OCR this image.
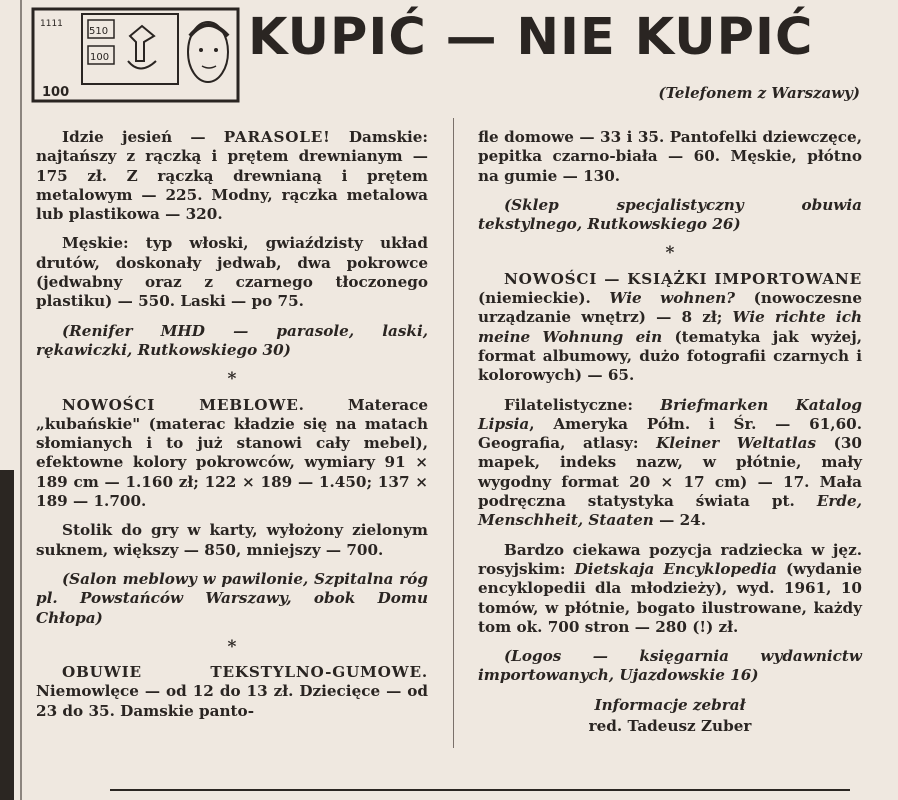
1111
510
100
100
KUPIĆ — NIE KUPIĆ
(Telefonem z Warszawy)

Idzie jesień — PARASOLE! Damskie: najtańszy z rączką i prętem drewnianym — 175 zł. Z rączką drewnianą i prętem metalowym — 225. Modny, rączka metalowa lub plastikowa — 320.

Męskie: typ włoski, gwiaździsty układ drutów, doskonały jedwab, dwa pokrowce (jedwabny oraz z czarnego tłoczonego plastiku) — 550. Laski — po 75.

(Renifer MHD — parasole, laski, rękawiczki, Rutkowskiego 30)

*

NOWOŚCI MEBLOWE. Materace „kubańskie" (materac kładzie się na matach słomianych i to już stanowi cały mebel), efektowne kolory pokrowców, wymiary 91 × 189 cm — 1.160 zł; 122 × 189 — 1.450; 137 × 189 — 1.700.

Stolik do gry w karty, wyłożony zielonym suknem, większy — 850, mniejszy — 700.

(Salon meblowy w pawilonie, Szpitalna róg pl. Powstańców Warszawy, obok Domu Chłopa)

*

OBUWIE TEKSTYLNO-GUMOWE. Niemowlęce — od 12 do 13 zł. Dziecięce — od 23 do 35. Damskie panto-

fle domowe — 33 i 35. Pantofelki dziewczęce, pepitka czarno-biała — 60. Męskie, płótno na gumie — 130.

(Sklep specjalistyczny obuwia tekstylnego, Rutkowskiego 26)

*

NOWOŚCI — KSIĄŻKI IMPORTOWANE (niemieckie). Wie wohnen? (nowoczesne urządzanie wnętrz) — 8 zł; Wie richte ich meine Wohnung ein (tematyka jak wyżej, format albumowy, dużo fotografii czarnych i kolorowych) — 65.

Filatelistyczne: Briefmarken Katalog Lipsia, Ameryka Półn. i Śr. — 61,60. Geografia, atlasy: Kleiner Weltatlas (30 mapek, indeks nazw, w płótnie, mały wygodny format 20 × 17 cm) — 17. Mała podręczna statystyka świata pt. Erde, Menschheit, Staaten — 24.

Bardzo ciekawa pozycja radziecka w jęz. rosyjskim: Dietskaja Encyklopedia (wydanie encyklopedii dla młodzieży), wyd. 1961, 10 tomów, w płótnie, bogato ilustrowane, każdy tom ok. 700 stron — 280 (!) zł.

(Logos — księgarnia wydawnictw importowanych, Ujazdowskie 16)

Informacje zebrał

red. Tadeusz Zuber
